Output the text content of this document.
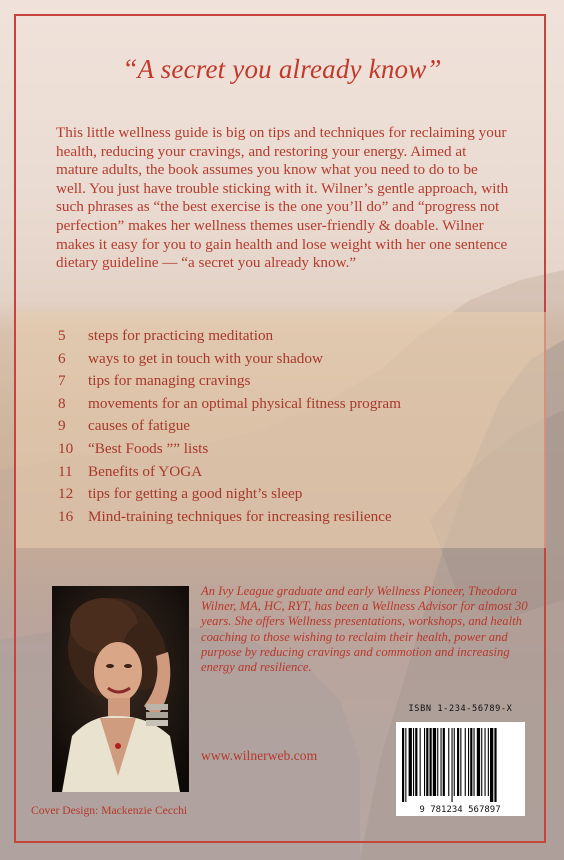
“A secret you already know”
This little wellness guide is big on tips and techniques for reclaiming your health, reducing your cravings, and restoring your energy. Aimed at mature adults, the book assumes you know what you need to do to be well. You just have trouble sticking with it. Wilner’s gentle approach, with such phrases as “the best exercise is the one you’ll do” and “progress not perfection” makes her wellness themes user-friendly & doable. Wilner makes it easy for you to gain health and lose weight with her one sentence dietary guideline — “a secret you already know.”
5	steps for practicing meditation
6	ways to get in touch with your shadow
7	tips for managing cravings
8	movements for an optimal physical fitness program
9	causes of fatigue
10 “Best Foods ”” lists
11	Benefits of YOGA
12 tips for getting a good night’s sleep
16 Mind-training techniques for increasing resilience
An Ivy League graduate and early Wellness Pioneer, Theodora Wilner, MA, HC, RYT, has been a Wellness Advisor for almost 30 years. She offers Wellness presentations, workshops, and health coaching to those wishing to reclaim their health, power and purpose by reducing cravings and commotion and increasing energy and resilience.
www.wilnerweb.com
Cover Design: Mackenzie Cecchi
ISBN 1-234-56789-X
9 781234 567897
